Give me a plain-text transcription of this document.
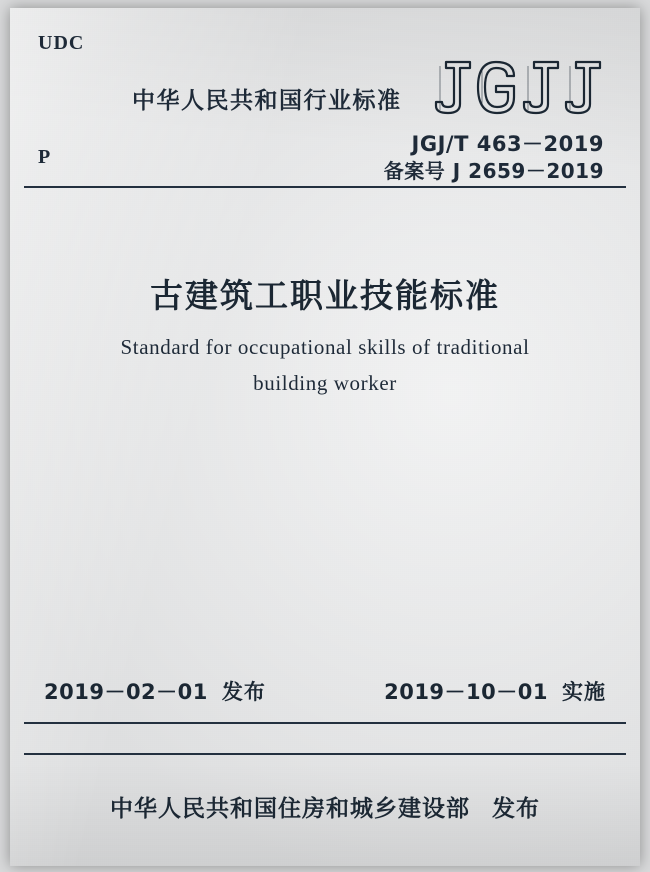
UDC
P
中华人民共和国行业标准
JGJ/T 463－2019
备案号 J 2659－2019
古建筑工职业技能标准
Standard for occupational skills of traditional
building worker
2019－02－01 发布	2019－10－01 实施
中华人民共和国住房和城乡建设部 发布
